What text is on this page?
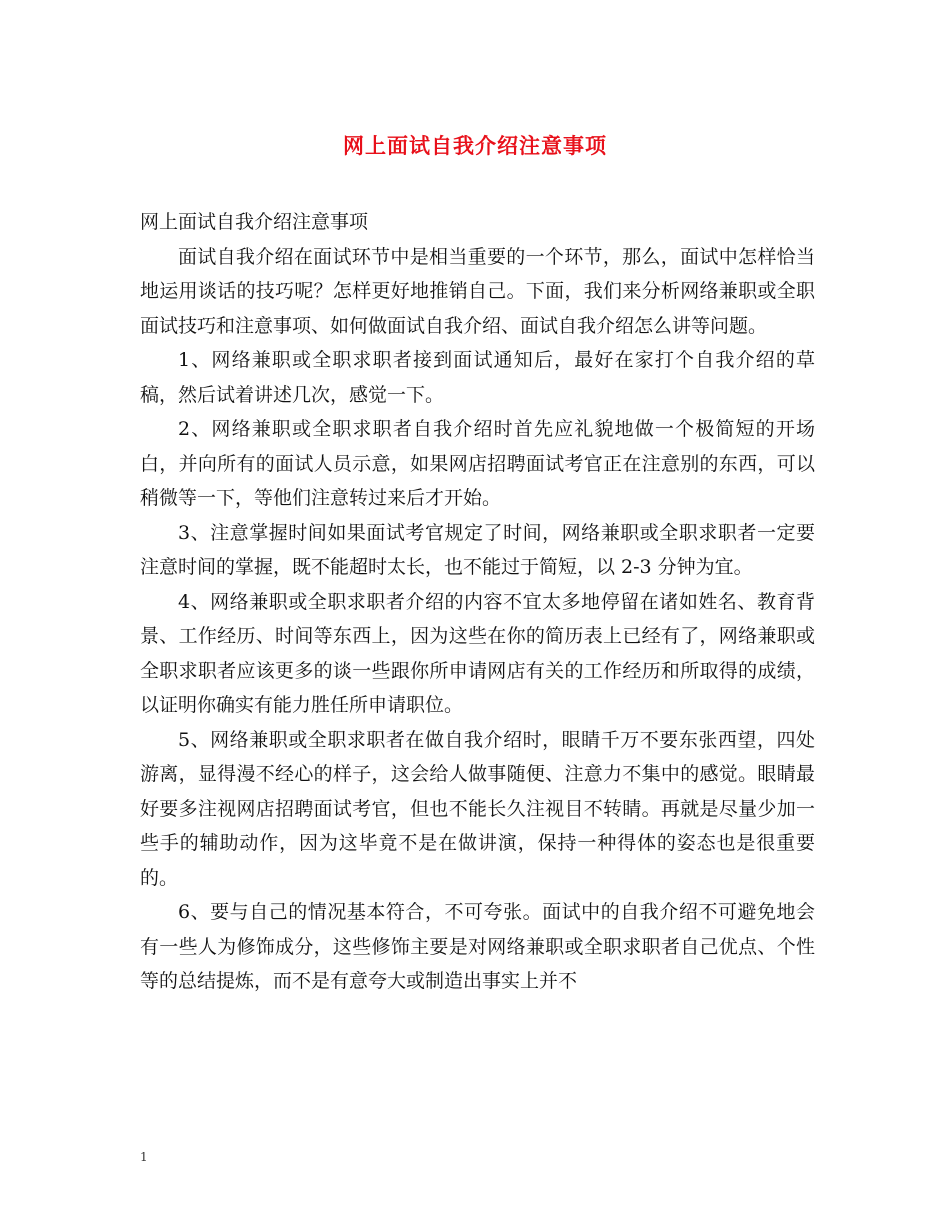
网上面试自我介绍注意事项

网上面试自我介绍注意事项

面试自我介绍在面试环节中是相当重要的一个环节，那么，面试中怎样恰当地运用谈话的技巧呢？怎样更好地推销自己。下面，我们来分析网络兼职或全职面试技巧和注意事项、如何做面试自我介绍、面试自我介绍怎么讲等问题。

1、网络兼职或全职求职者接到面试通知后，最好在家打个自我介绍的草稿，然后试着讲述几次，感觉一下。

2、网络兼职或全职求职者自我介绍时首先应礼貌地做一个极简短的开场白，并向所有的面试人员示意，如果网店招聘面试考官正在注意别的东西，可以稍微等一下，等他们注意转过来后才开始。

3、注意掌握时间如果面试考官规定了时间，网络兼职或全职求职者一定要注意时间的掌握，既不能超时太长，也不能过于简短，以 2-3 分钟为宜。

4、网络兼职或全职求职者介绍的内容不宜太多地停留在诸如姓名、教育背景、工作经历、时间等东西上，因为这些在你的简历表上已经有了，网络兼职或全职求职者应该更多的谈一些跟你所申请网店有关的工作经历和所取得的成绩，以证明你确实有能力胜任所申请职位。

5、网络兼职或全职求职者在做自我介绍时，眼睛千万不要东张西望，四处游离，显得漫不经心的样子，这会给人做事随便、注意力不集中的感觉。眼睛最好要多注视网店招聘面试考官，但也不能长久注视目不转睛。再就是尽量少加一些手的辅助动作，因为这毕竟不是在做讲演，保持一种得体的姿态也是很重要的。

6、要与自己的情况基本符合，不可夸张。面试中的自我介绍不可避免地会有一些人为修饰成分，这些修饰主要是对网络兼职或全职求职者自己优点、个性等的总结提炼，而不是有意夸大或制造出事实上并不

1
